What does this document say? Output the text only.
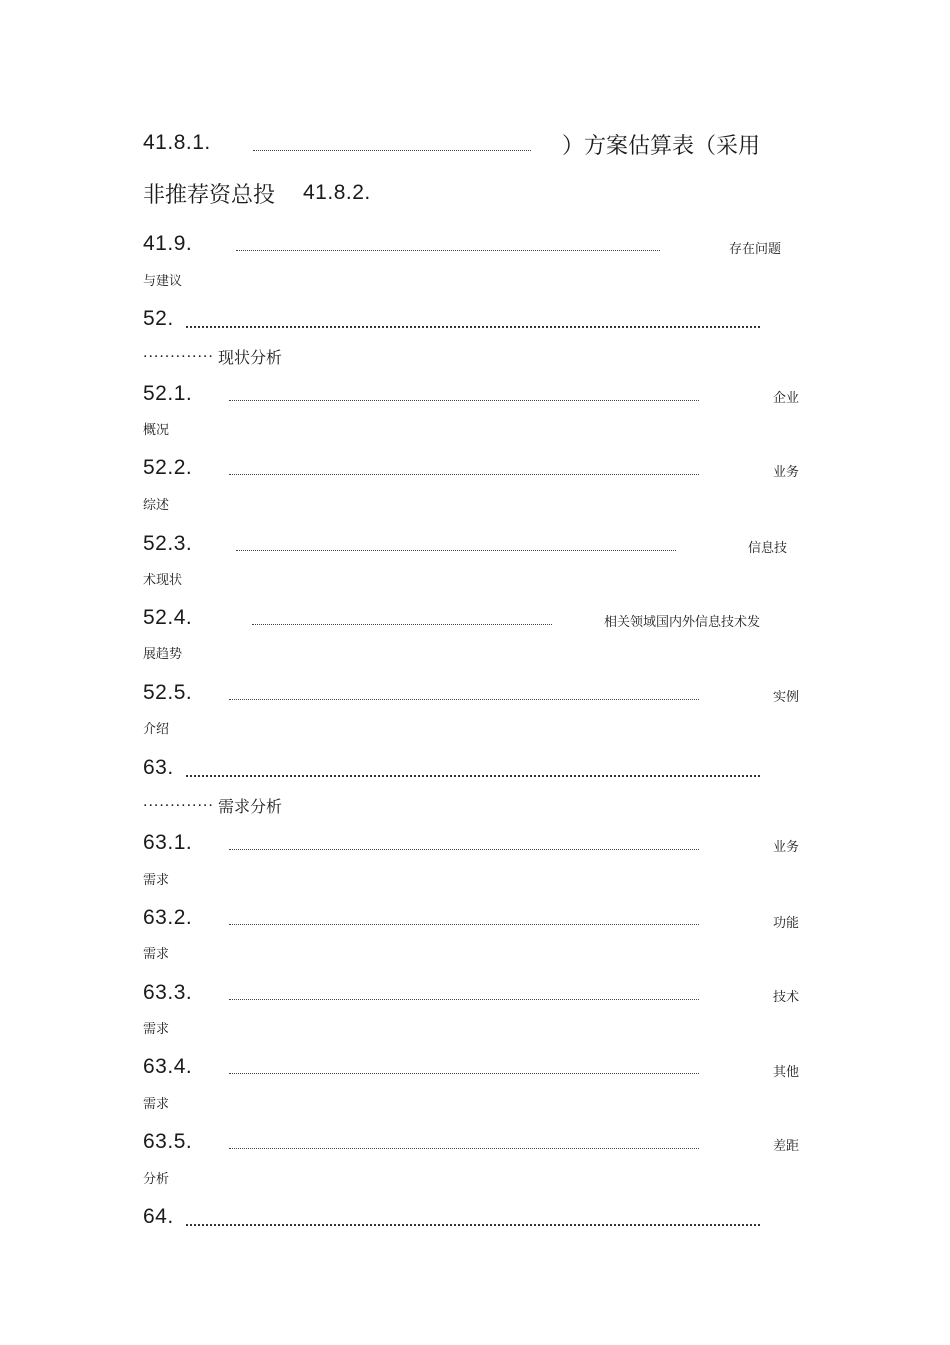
41.8.1.	）方案估算表（采用
非推荐资总投 41.8.2.
41.9.	存在问题
与建议
52.
............. 现状分析
52.1.	企业
概况
52.2.	业务
综述
52.3.	信息技
术现状
52.4.	相关领域国内外信息技术发
展趋势
52.5.	实例
介绍
63.
............. 需求分析
63.1.	业务
需求
63.2.	功能
需求
63.3.	技术
需求
63.4.	其他
需求
63.5.	差距
分析
64.
